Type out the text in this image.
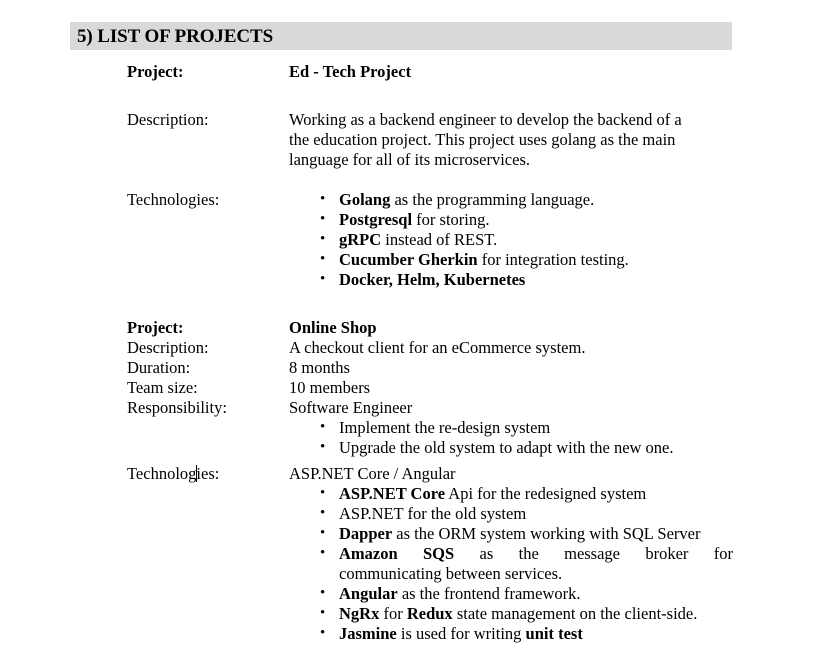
5) LIST OF PROJECTS
Project:	Ed - Tech Project
Description:	Working as a backend engineer to develop the backend of a
the education project. This project uses golang as the main
language for all of its microservices.
Technologies:	• Golang as the programming language.
• Postgresql for storing.
• gRPC instead of REST.
• Cucumber Gherkin for integration testing.
• Docker, Helm, Kubernetes
Project:	Online Shop
Description:	A checkout client for an eCommerce system.
Duration:	8 months
Team size:	10 members
Responsibility:	Software Engineer
• Implement the re-design system
• Upgrade the old system to adapt with the new one.
Technologies:	ASP.NET Core / Angular
• ASP.NET Core Api for the redesigned system
• ASP.NET for the old system
• Dapper as the ORM system working with SQL Server
• Amazon SQS as the message broker for
communicating between services.
• Angular as the frontend framework.
• NgRx for Redux state management on the client-side.
• Jasmine is used for writing unit test
